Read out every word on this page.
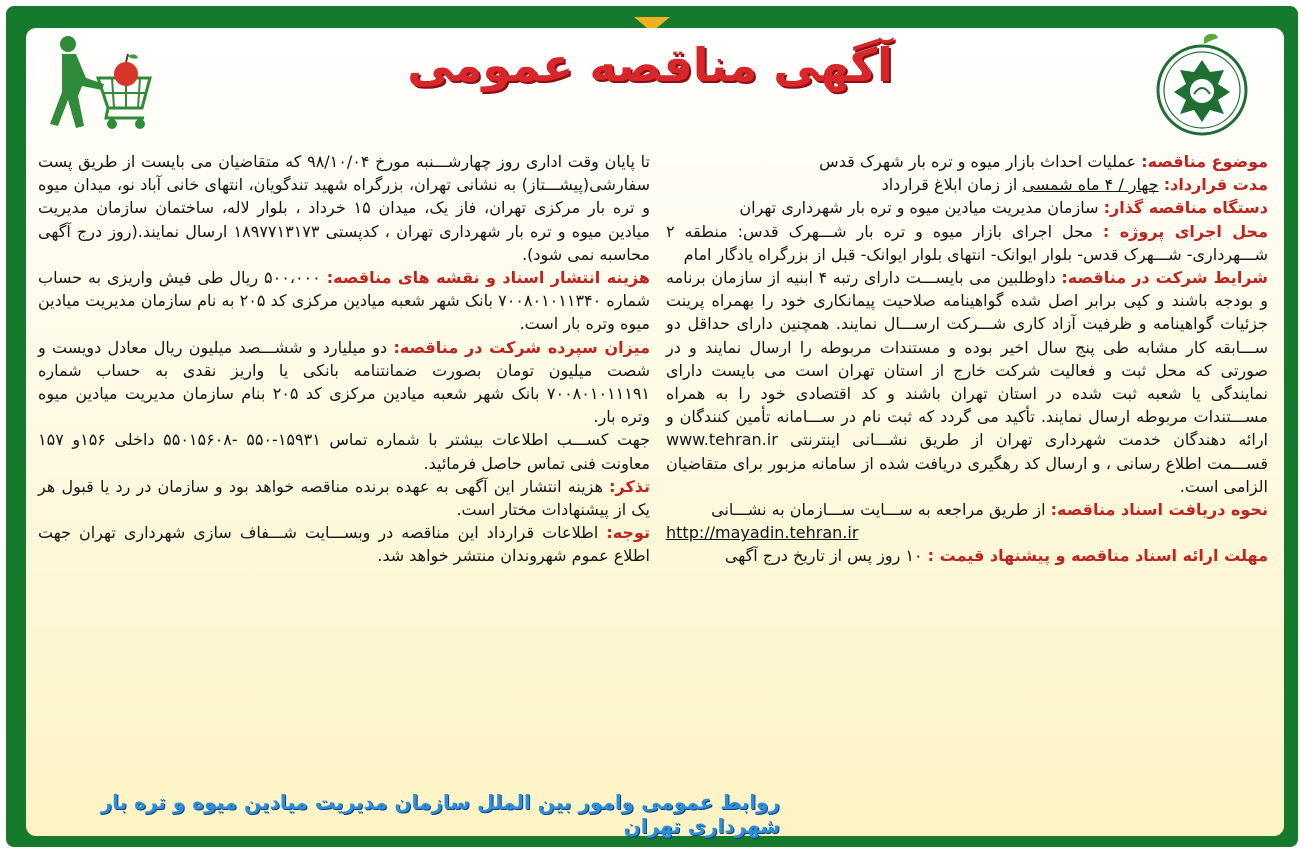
آگهی مناقصه عمومی

موضوع مناقصه: عملیات احداث بازار میوه و تره بار شهرک قدس

مدت قرارداد: چهار / ۴ ماه شمسی از زمان ابلاغ قرارداد

دستگاه مناقصه گذار: سازمان مدیریت میادین میوه و تره بار شهرداری تهران

محل اجرای پروژه : محل اجرای بازار میوه و تره بار شـــهرک قدس: منطقه ۲ شـــهرداری- شـــهرک قدس- بلوار ایوانک- انتهای بلوار ایوانک- قبل از بزرگراه یادگار امام

شرایط شرکت در مناقصه: داوطلبین می بایســـت دارای رتبه ۴ ابنیه از سازمان برنامه و بودجه باشند و کپی برابر اصل شده گواهینامه صلاحیت پیمانکاری خود را بهمراه پرینت جزئیات گواهینامه و ظرفیت آزاد کاری شـــرکت ارســـال نمایند. همچنین دارای حداقل دو ســـابقه کار مشابه طی پنج سال اخیر بوده و مستندات مربوطه را ارسال نمایند و در صورتی که محل ثبت و فعالیت شرکت خارج از استان تهران است می بایست دارای نمایندگی یا شعبه ثبت شده در استان تهران باشند و کد اقتصادی خود را به همراه مســـتندات مربوطه ارسال نمایند. تأکید می گردد که ثبت نام در ســـامانه تأمین کنندگان و ارائه دهندگان خدمت شهرداری تهران از طریق نشـــانی اینترنتی www.tehran.ir قســـمت اطلاع رسانی ، و ارسال کد رهگیری دریافت شده از سامانه مزبور برای متقاضیان الزامی است.

نحوه دریافت اسناد مناقصه: از طریق مراجعه به ســـایت ســـازمان به نشـــانی

http://mayadin.tehran.ir

مهلت ارائه اسناد مناقصه و پیشنهاد قیمت : ۱۰ روز پس از تاریخ درج آگهی

تا پایان وقت اداری روز چهارشـــنبه مورخ ۹۸/۱۰/۰۴ که متقاضیان می بایست از طریق پست سفارشی(پیشـــتاز) به نشانی تهران، بزرگراه شهید تندگویان، انتهای خانی آباد نو، میدان میوه و تره بار مرکزی تهران، فاز یک، میدان ۱۵ خرداد ، بلوار لاله، ساختمان سازمان مدیریت میادین میوه و تره بار شهرداری تهران ، کدپستی ۱۸۹۷۷۱۳۱۷۳ ارسال نمایند.(روز درج آگهی محاسبه نمی شود).

هزینه انتشار اسناد و نقشه های مناقصه: ۵۰۰،۰۰۰ ریال طی فیش واریزی به حساب شماره ۷۰۰۸۰۱۰۱۱۳۴۰ بانک شهر شعبه میادین مرکزی کد ۲۰۵ به نام سازمان مدیریت میادین میوه وتره بار است.

میزان سپرده شرکت در مناقصه: دو میلیارد و ششـــصد میلیون ریال معادل دویست و شصت میلیون تومان بصورت ضمانتنامه بانکی یا واریز نقدی به حساب شماره ۷۰۰۸۰۱۰۱۱۱۹۱ بانک شهر شعبه میادین مرکزی کد ۲۰۵ بنام سازمان مدیریت میادین میوه وتره بار.

جهت کســـب اطلاعات بیشتر با شماره تماس ۱۵۹۳۱-۵۵۰ -۵۵۰۱۵۶۰۸ داخلی ۱۵۶و ۱۵۷ معاونت فنی تماس حاصل فرمائید.

تذکر: هزینه انتشار این آگهی به عهده برنده مناقصه خواهد بود و سازمان در رد یا قبول هر یک از پیشنهادات مختار است.

توجه: اطلاعات قرارداد این مناقصه در وبســـایت شـــفاف سازی شهرداری تهران جهت اطلاع عموم شهروندان منتشر خواهد شد.

روابط عمومی وامور بین الملل سازمان مدیریت میادین میوه و تره بار شهرداری تهران
